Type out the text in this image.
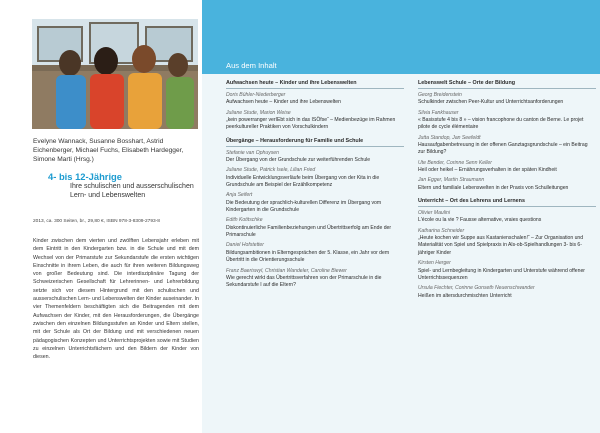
Evelyne Wannack, Susanne Bosshart, Astrid Eichenberger, Michael Fuchs, Elisabeth Hardegger, Simone Marti (Hrsg.)
4- bis 12-Jährige
Ihre schulischen und ausserschulischen Lern- und Lebenswelten
2013, ca. 300 Seiten, br., 29,80 €, ISBN 978-3-8309-2793-8
Kinder zwischen dem vierten und zwölften Lebensjahr erleben mit dem Eintritt in den Kindergarten bzw. in die Schule und mit dem Wechsel von der Primarstufe zur Sekundarstufe die ersten wichtigen Einschnitte in ihrem Leben, die auch für ihren weiteren Bildungsweg von großer Bedeutung sind. Die interdisziplinäre Tagung der Schweizerischen Gesellschaft für Lehrerinnen- und Lehrerbildung setzte sich vor diesem Hintergrund mit den schulischen und ausserschulischen Lern- und Lebenswelten der Kinder auseinander. In vier Themenfeldern beschäftigten sich die Beitragenden mit dem Aufwachsen der Kinder, mit den Herausforderungen, die Übergänge zwischen den einzelnen Bildungsstufen an Kinder und Eltern stellen, mit der Schule als Ort der Bildung und mit verschiedenen neuen pädagogischen Konzepten und Unterrichtsprojekten sowie mit Studien zu einzelnen Unterrichtsfächern und den Bildern der Kinder von diesen.
Aus dem Inhalt
Aufwachsen heute – Kinder und ihre Lebenswelten
Doris Bühler-Niederberger
Aufwachsen heute – Kinder und ihre Lebenswelten
Juliane Stude, Marion Weise
„kein powerranger verIEbt sich in das ISÖfse“ – Medienbezüge im Rahmen peerkultureller Praktiken von Vorschulkindern
Übergänge – Herausforderung für Familie und Schule
Stefanie van Ophuysen
Der Übergang von der Grundschule zur weiterführenden Schule
Juliane Stude, Patrick Isele, Lilian Fried
Individuelle Entwicklungsverläufe beim Übergang von der Kita in die Grundschule am Beispiel der Erzählkompetenz
Anja Seifert
Die Bedeutung der sprachlich-kulturellen Differenz im Übergang vom Kindergarten in die Grundschule
Edith Kotitschke
Diskontinuierliche Familienbeziehungen und Übertrittserfolg am Ende der Primarschule
Daniel Hofstetter
Bildungsambitionen in Elterngesprächen der 5. Klasse, ein Jahr vor dem Übertritt in die Orientierungsschule
Franz Baeriswyl, Christian Wandeler, Caroline Biewer
Wie gerecht wirkt das Übertrittsverfahren von der Primarschule in die Sekundarstufe I auf die Eltern?
Lebenswelt Schule – Orte der Bildung
Georg Breidenstein
Schulkinder zwischen Peer-Kultur und Unterrichtsanforderungen
Silvia Fankhauser
« Basisstufe 4 bis 8 » – vision francophone du canton de Berne. Le projet pilote de cycle élémentaire
Jutta Standop, Jan Seefeldt
Hausaufgabenbetreuung in der offenen Ganztagsgrundschule – ein Beitrag zur Bildung?
Ute Bender, Corinne Senn Keller
Heil oder heikel – Ernährungsverhalten in der späten Kindheit
Jan Egger, Martin Straumann
Eltern und familiale Lebenswelten in der Praxis von Schulleitungen
Unterricht – Ort des Lehrens und Lernens
Olivier Maulini
L'école ou la vie ? Fausse alternative, vraies questions
Katharina Schneider
„Heute kochen wir Suppe aus Kastanienschalen!“ – Zur Organisation und Materialität von Spiel und Spielpraxis in Als-ob-Spielhandlungen 3- bis 6-jähriger Kinder
Kirsten Herger
Spiel- und Lernbegleitung in Kindergarten und Unterstufe während offener Unterrichtssequenzen
Ursula Fiechter, Corinne Gonseth Neuenschwander
Heißen im altersdurchmischten Unterricht
